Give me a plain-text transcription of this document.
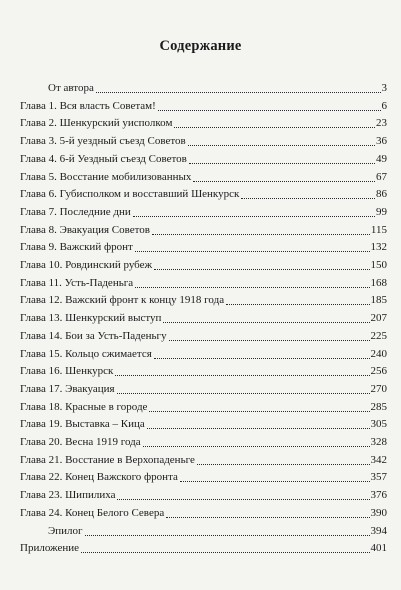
Содержание
От автора	3
Глава 1. Вся власть Советам!	6
Глава 2. Шенкурский уисполком	23
Глава 3. 5-й уездный съезд Советов	36
Глава 4. 6-й Уездный съезд Советов	49
Глава 5. Восстание мобилизованных	67
Глава 6. Губисполком и восставший Шенкурск	86
Глава 7. Последние дни	99
Глава 8. Эвакуация Советов	115
Глава 9. Важский фронт	132
Глава 10. Ровдинский рубеж	150
Глава 11. Усть-Паденьга	168
Глава 12. Важский фронт к концу 1918 года	185
Глава 13. Шенкурский выступ	207
Глава 14. Бои за Усть-Паденьгу	225
Глава 15. Кольцо сжимается	240
Глава 16. Шенкурск	256
Глава 17. Эвакуация	270
Глава 18. Красные в городе	285
Глава 19. Выставка – Кица	305
Глава 20. Весна 1919 года	328
Глава 21. Восстание в Верхопаденьге	342
Глава 22. Конец Важского фронта	357
Глава 23. Шипилиха	376
Глава 24. Конец Белого Севера	390
Эпилог	394
Приложение	401
